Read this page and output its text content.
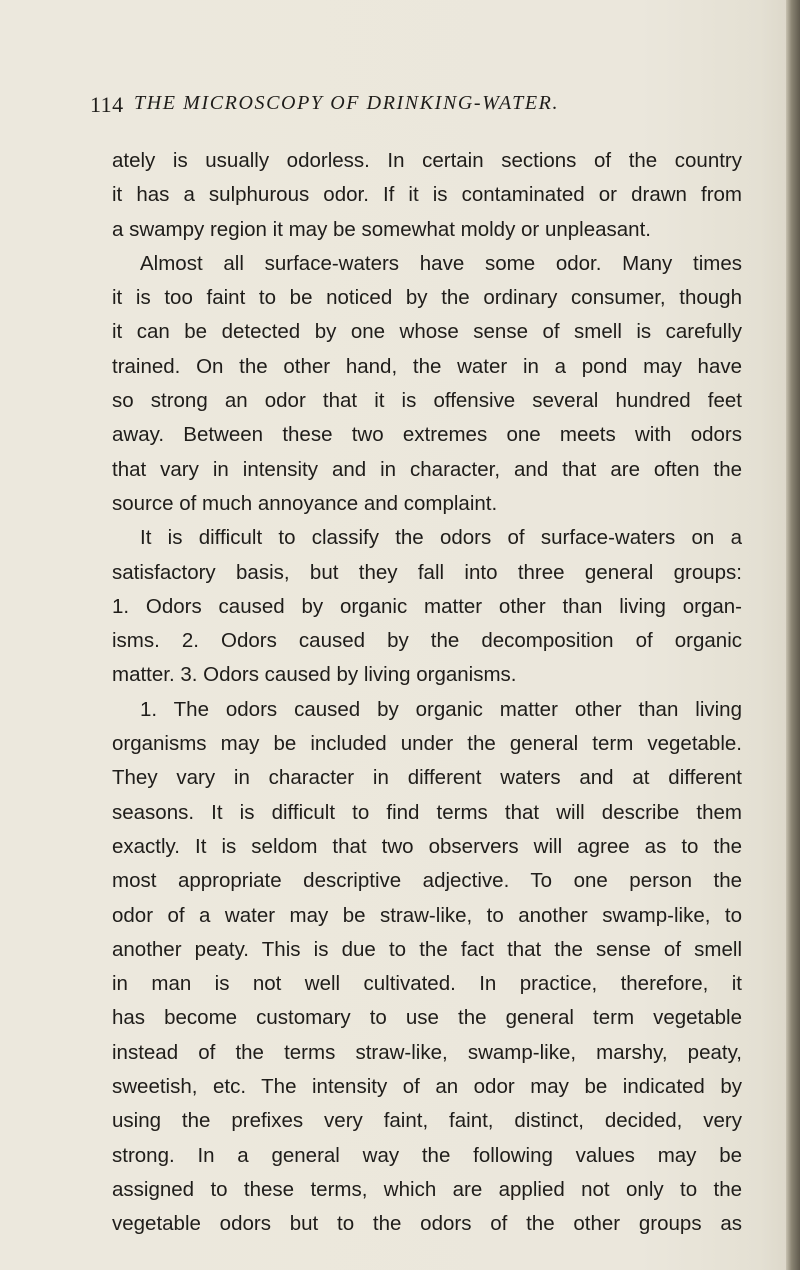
114 THE MICROSCOPY OF DRINKING-WATER.
ately is usually odorless. In certain sections of the country
it has a sulphurous odor. If it is contaminated or drawn from
a swampy region it may be somewhat moldy or unpleasant.
Almost all surface-waters have some odor. Many times
it is too faint to be noticed by the ordinary consumer, though
it can be detected by one whose sense of smell is carefully
trained. On the other hand, the water in a pond may have
so strong an odor that it is offensive several hundred feet
away. Between these two extremes one meets with odors
that vary in intensity and in character, and that are often the
source of much annoyance and complaint.
It is difficult to classify the odors of surface-waters on a
satisfactory basis, but they fall into three general groups:
1. Odors caused by organic matter other than living organ-
isms. 2. Odors caused by the decomposition of organic
matter. 3. Odors caused by living organisms.
1. The odors caused by organic matter other than living
organisms may be included under the general term vegetable.
They vary in character in different waters and at different
seasons. It is difficult to find terms that will describe them
exactly. It is seldom that two observers will agree as to the
most appropriate descriptive adjective. To one person the
odor of a water may be straw-like, to another swamp-like, to
another peaty. This is due to the fact that the sense of smell
in man is not well cultivated. In practice, therefore, it
has become customary to use the general term vegetable
instead of the terms straw-like, swamp-like, marshy, peaty,
sweetish, etc. The intensity of an odor may be indicated by
using the prefixes very faint, faint, distinct, decided, very
strong. In a general way the following values may be
assigned to these terms, which are applied not only to the
vegetable odors but to the odors of the other groups as
